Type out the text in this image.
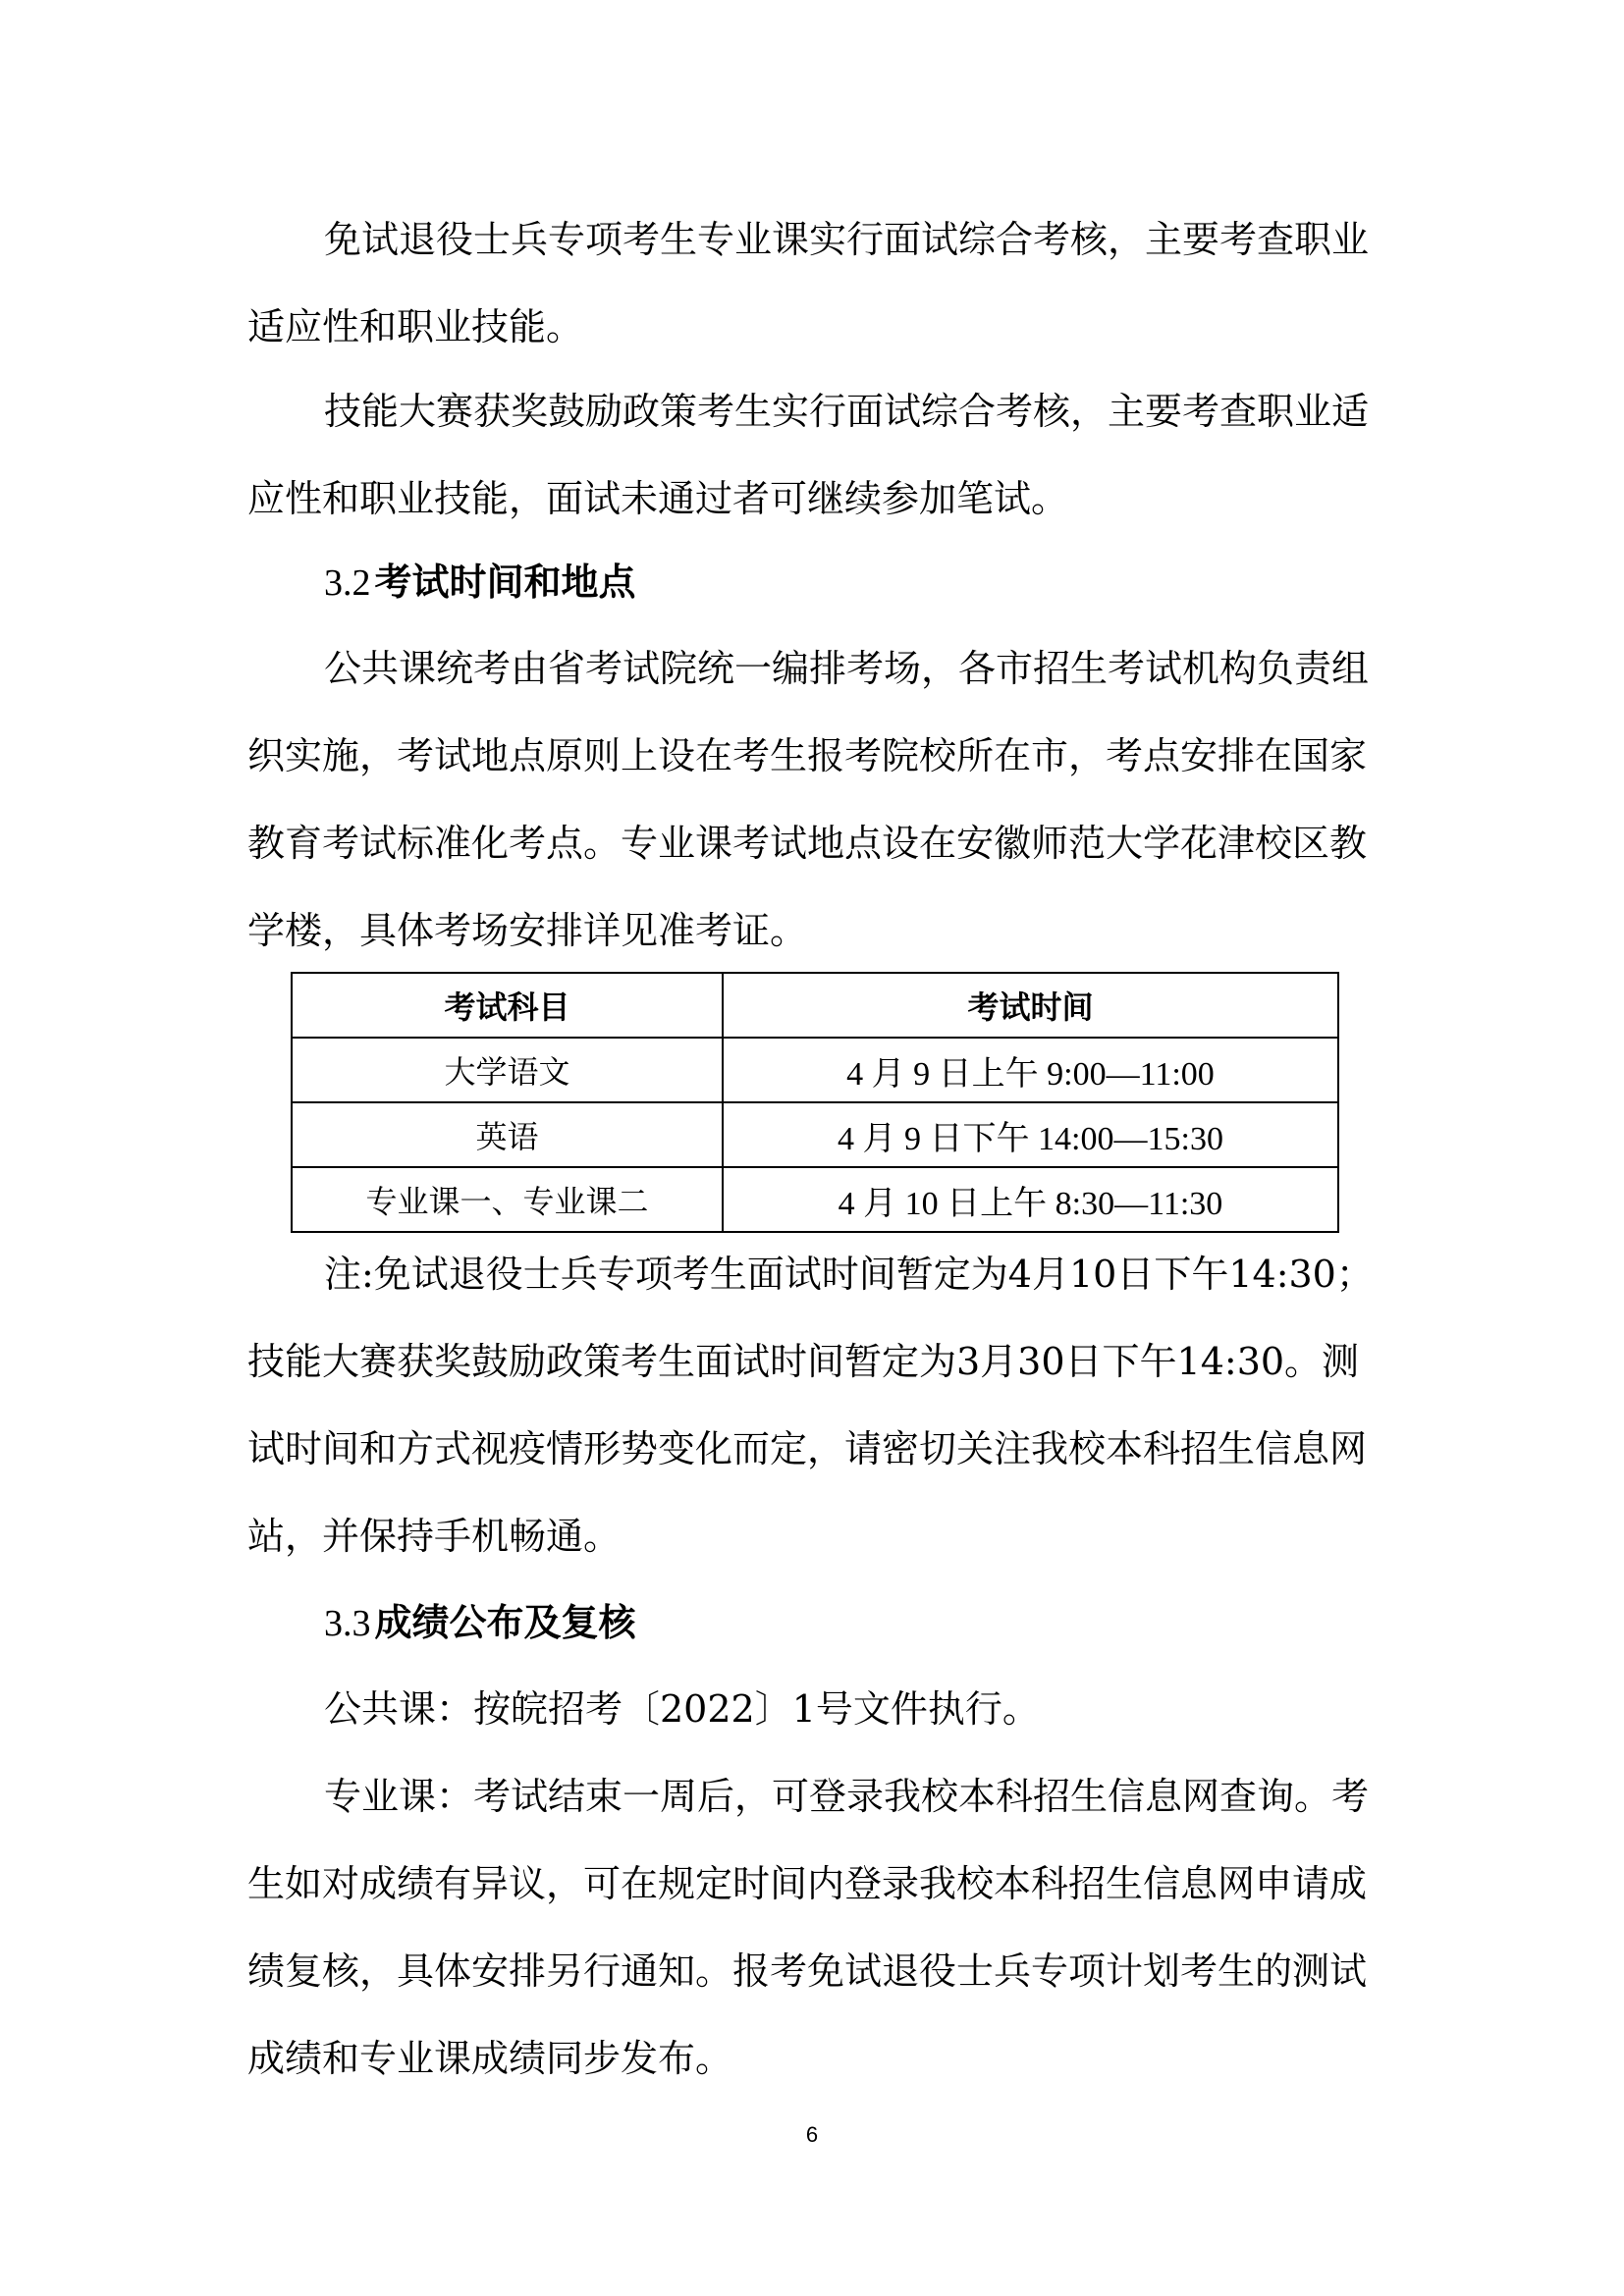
免试退役士兵专项考生专业课实行面试综合考核，主要考查职业适应性和职业技能。

技能大赛获奖鼓励政策考生实行面试综合考核，主要考查职业适应性和职业技能，面试未通过者可继续参加笔试。

3.2 考试时间和地点

公共课统考由省考试院统一编排考场，各市招生考试机构负责组织实施，考试地点原则上设在考生报考院校所在市，考点安排在国家教育考试标准化考点。专业课考试地点设在安徽师范大学花津校区教学楼，具体考场安排详见准考证。

考试科目	考试时间
大学语文	4 月 9 日上午 9:00—11:00
英语	4 月 9 日下午 14:00—15:30
专业课一、专业课二	4 月 10 日上午 8:30—11:30

注:免试退役士兵专项考生面试时间暂定为4月10日下午14:30；技能大赛获奖鼓励政策考生面试时间暂定为3月30日下午14:30。测试时间和方式视疫情形势变化而定，请密切关注我校本科招生信息网站，并保持手机畅通。

3.3 成绩公布及复核

公共课：按皖招考〔2022〕1号文件执行。

专业课：考试结束一周后，可登录我校本科招生信息网查询。考生如对成绩有异议，可在规定时间内登录我校本科招生信息网申请成绩复核，具体安排另行通知。报考免试退役士兵专项计划考生的测试成绩和专业课成绩同步发布。

6
